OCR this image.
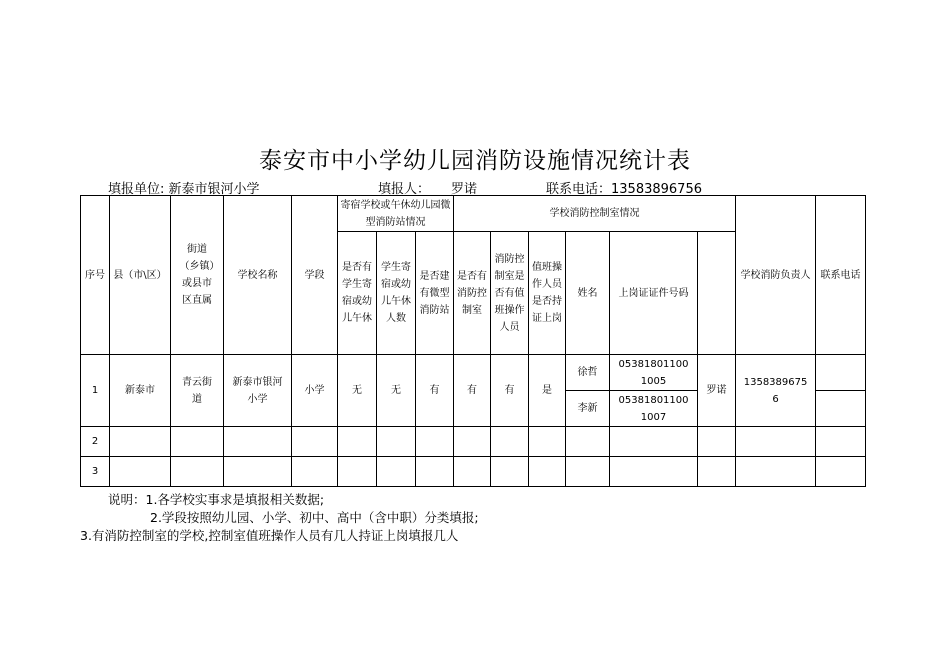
泰安市中小学幼儿园消防设施情况统计表
填报单位: 新泰市银河小学	填报人： 罗诺	联系电话：13583896756
序号	县（市\区）	街道（乡镇）或县市区直属	学校名称	学段	寄宿学校或午休幼儿园微型消防站情况			学校消防控制室情况						学校消防负责人	联系电话	
					是否有学生寄宿或幼儿午休	学生寄宿或幼儿午休人数	是否建有微型消防站	是否有消防控制室	消防控制室是否有值班操作人员	值班操作人员是否持证上岗	姓名	上岗证证件号码				
1	新泰市	青云街道	新泰市银河小学	小学	无	无	有	有	有	是	徐哲	053818011001005	罗诺	13583896756		
											李新	053818011001007				
2																
3																
说明：1.各学校实事求是填报相关数据;
2.学段按照幼儿园、小学、初中、高中（含中职）分类填报;
3.有消防控制室的学校,控制室值班操作人员有几人持证上岗填报几人
